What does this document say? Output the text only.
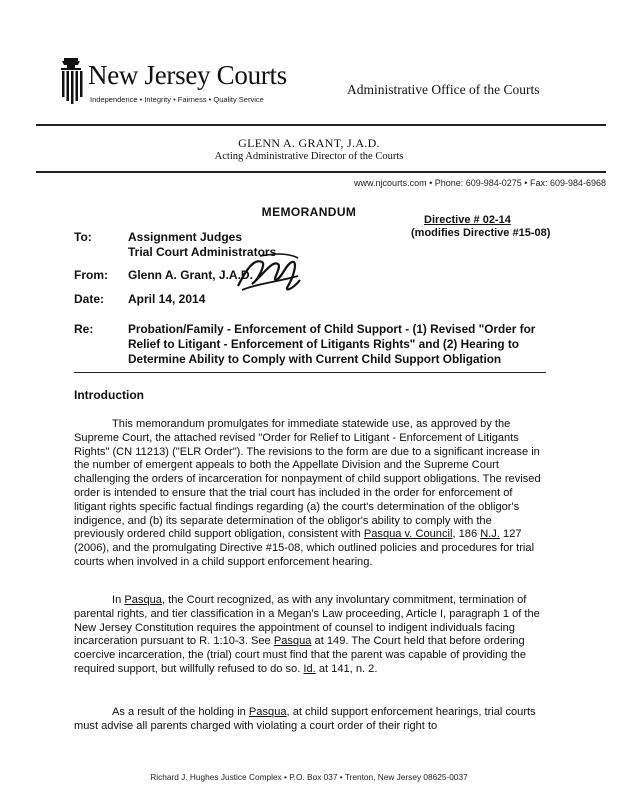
New Jersey Courts
Independence • Integrity • Fairness • Quality Service
Administrative Office of the Courts
GLENN A. GRANT, J.A.D.
Acting Administrative Director of the Courts
www.njcourts.com • Phone: 609-984-0275 • Fax: 609-984-6968
MEMORANDUM
Directive # 02-14
(modifies Directive #15-08)
To:	Assignment Judges
Trial Court Administrators
From: Glenn A. Grant, J.A.D.
Date: April 14, 2014
Re:	Probation/Family - Enforcement of Child Support - (1) Revised "Order for Relief to Litigant - Enforcement of Litigants Rights" and (2) Hearing to Determine Ability to Comply with Current Child Support Obligation
Introduction
This memorandum promulgates for immediate statewide use, as approved by the Supreme Court, the attached revised "Order for Relief to Litigant - Enforcement of Litigants Rights" (CN 11213) ("ELR Order"). The revisions to the form are due to a significant increase in the number of emergent appeals to both the Appellate Division and the Supreme Court challenging the orders of incarceration for nonpayment of child support obligations. The revised order is intended to ensure that the trial court has included in the order for enforcement of litigant rights specific factual findings regarding (a) the court's determination of the obligor's indigence, and (b) its separate determination of the obligor's ability to comply with the previously ordered child support obligation, consistent with Pasqua v. Council, 186 N.J. 127 (2006), and the promulgating Directive #15-08, which outlined policies and procedures for trial courts when involved in a child support enforcement hearing.
In Pasqua, the Court recognized, as with any involuntary commitment, termination of parental rights, and tier classification in a Megan's Law proceeding, Article I, paragraph 1 of the New Jersey Constitution requires the appointment of counsel to indigent individuals facing incarceration pursuant to R. 1:10-3. See Pasqua at 149. The Court held that before ordering coercive incarceration, the (trial) court must find that the parent was capable of providing the required support, but willfully refused to do so. Id. at 141, n. 2.
As a result of the holding in Pasqua, at child support enforcement hearings, trial courts must advise all parents charged with violating a court order of their right to
Richard J. Hughes Justice Complex • P.O. Box 037 • Trenton, New Jersey 08625-0037
